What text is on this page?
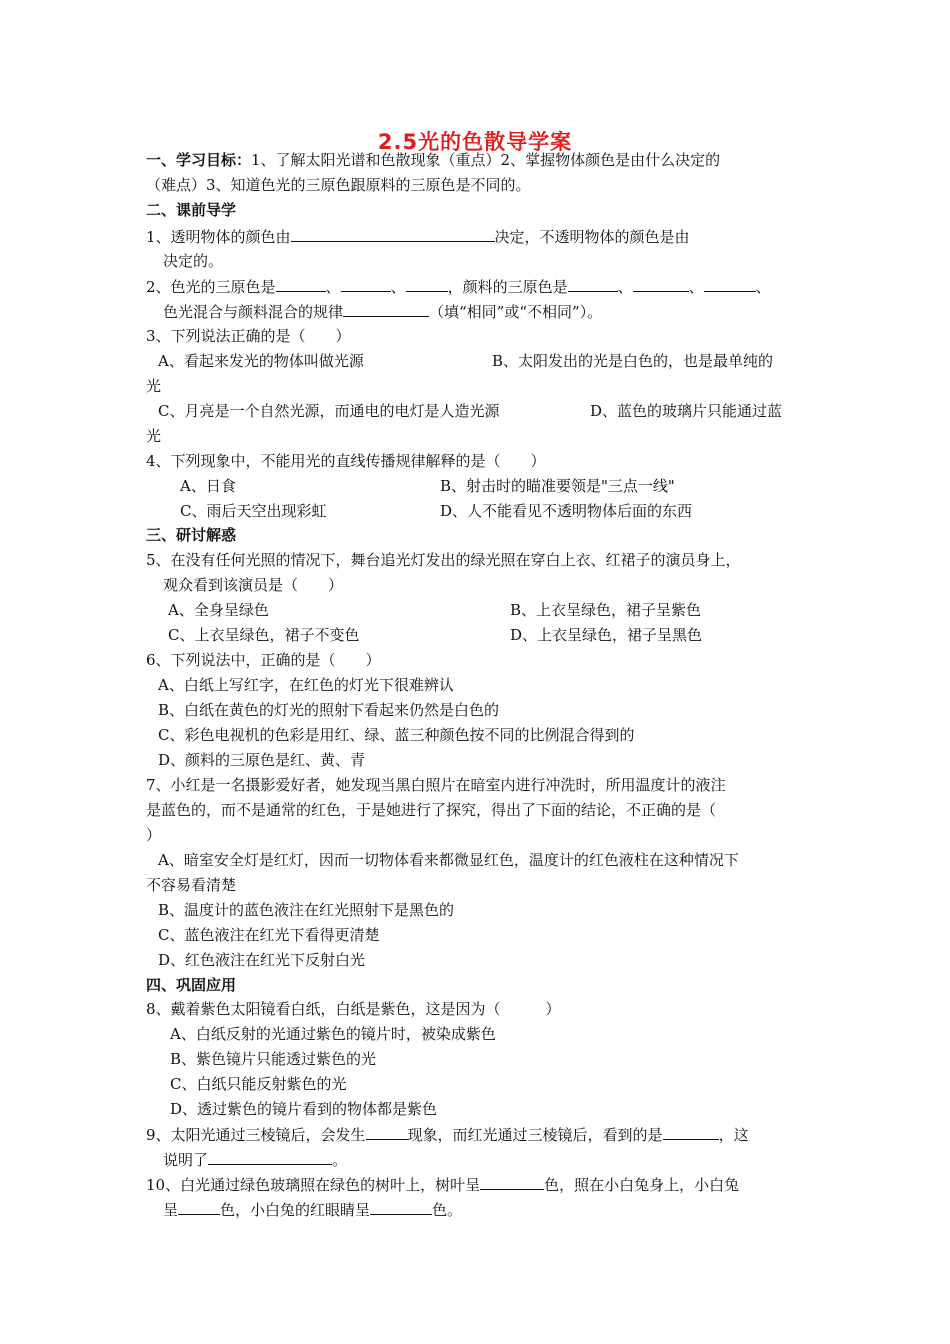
2.5光的色散导学案
一、学习目标：1、了解太阳光谱和色散现象（重点）2、掌握物体颜色是由什么决定的
（难点）3、知道色光的三原色跟原料的三原色是不同的。
二、课前导学
1、透明物体的颜色由	决定，不透明物体的颜色是由
决定的。
2、色光的三原色是	、	、	，颜料的三原色是	、	、	、
色光混合与颜料混合的规律	（填“相同”或“不相同”）。
3、下列说法正确的是（　　）
A、看起来发光的物体叫做光源	B、太阳发出的光是白色的，也是最单纯的
光
C、月亮是一个自然光源，而通电的电灯是人造光源	D、蓝色的玻璃片只能通过蓝
光
4、下列现象中，不能用光的直线传播规律解释的是（　　）
A、日食	B、射击时的瞄准要领是"三点一线"
C、雨后天空出现彩虹	D、人不能看见不透明物体后面的东西
三、研讨解惑
5、在没有任何光照的情况下，舞台追光灯发出的绿光照在穿白上衣、红裙子的演员身上，
观众看到该演员是（　　）
A、全身呈绿色	B、上衣呈绿色，裙子呈紫色
C、上衣呈绿色，裙子不变色	D、上衣呈绿色，裙子呈黑色
6、下列说法中，正确的是（　　）
A、白纸上写红字，在红色的灯光下很难辨认
B、白纸在黄色的灯光的照射下看起来仍然是白色的
C、彩色电视机的色彩是用红、绿、蓝三种颜色按不同的比例混合得到的
D、颜料的三原色是红、黄、青
7、小红是一名摄影爱好者，她发现当黑白照片在暗室内进行冲洗时，所用温度计的液注
是蓝色的，而不是通常的红色，于是她进行了探究，得出了下面的结论，不正确的是（
）
A、暗室安全灯是红灯，因而一切物体看来都微显红色，温度计的红色液柱在这种情况下
不容易看清楚
B、温度计的蓝色液注在红光照射下是黑色的
C、蓝色液注在红光下看得更清楚
D、红色液注在红光下反射白光
四、巩固应用
8、戴着紫色太阳镜看白纸，白纸是紫色，这是因为（　　　）
A、白纸反射的光通过紫色的镜片时，被染成紫色
B、紫色镜片只能透过紫色的光
C、白纸只能反射紫色的光
D、透过紫色的镜片看到的物体都是紫色
9、太阳光通过三棱镜后，会发生	现象，而红光通过三棱镜后，看到的是	，这
说明了	。
10、白光通过绿色玻璃照在绿色的树叶上，树叶呈	色，照在小白兔身上，小白兔
呈	色，小白兔的红眼睛呈	色。
